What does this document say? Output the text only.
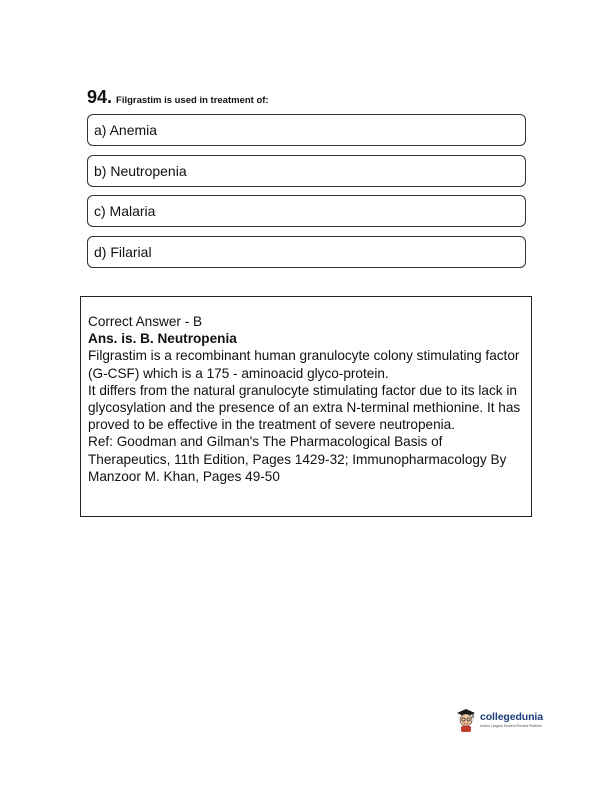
94. Filgrastim is used in treatment of:
a) Anemia
b) Neutropenia
c) Malaria
d) Filarial

Correct Answer - B

Ans. is. B. Neutropenia

Filgrastim is a recombinant human granulocyte colony stimulating factor (G-CSF) which is a 175 - aminoacid glyco-protein.

It differs from the natural granulocyte stimulating factor due to its lack in glycosylation and the presence of an extra N-terminal methionine. It has proved to be effective in the treatment of severe neutropenia.

Ref: Goodman and Gilman's The Pharmacological Basis of Therapeutics, 11th Edition, Pages 1429-32; Immunopharmacology By Manzoor M. Khan, Pages 49-50

collegedunia
India's Largest Student Review Platform
